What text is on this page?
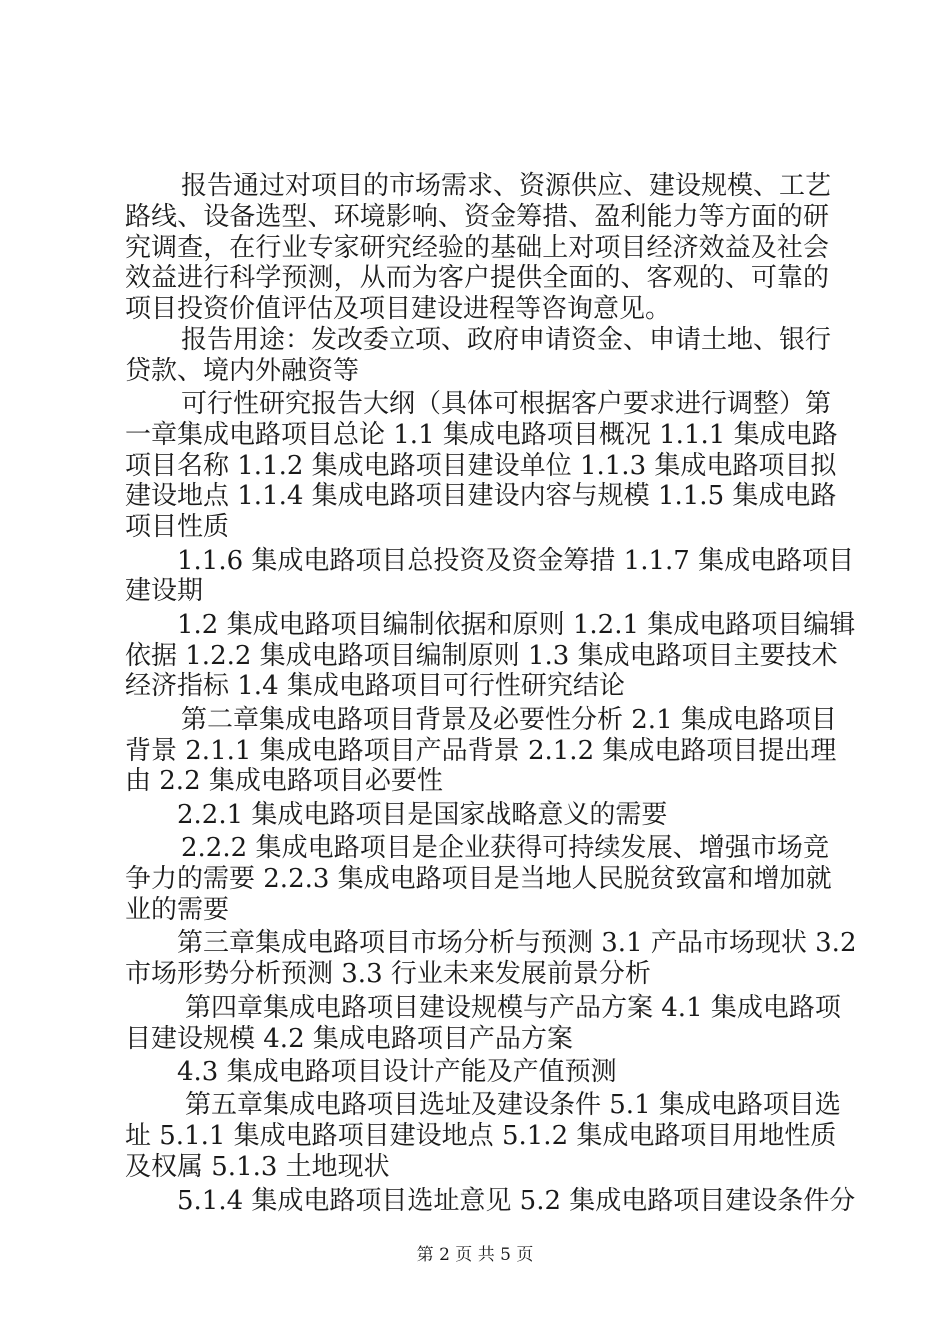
报告通过对项目的市场需求、资源供应、建设规模、工艺
路线、设备选型、环境影响、资金筹措、盈利能力等方面的研
究调查，在行业专家研究经验的基础上对项目经济效益及社会
效益进行科学预测，从而为客户提供全面的、客观的、可靠的
项目投资价值评估及项目建设进程等咨询意见。
报告用途：发改委立项、政府申请资金、申请土地、银行
贷款、境内外融资等
可行性研究报告大纲（具体可根据客户要求进行调整）第
一章集成电路项目总论 1.1 集成电路项目概况 1.1.1 集成电路
项目名称 1.1.2 集成电路项目建设单位 1.1.3 集成电路项目拟
建设地点 1.1.4 集成电路项目建设内容与规模 1.1.5 集成电路
项目性质
1.1.6 集成电路项目总投资及资金筹措 1.1.7 集成电路项目
建设期
1.2 集成电路项目编制依据和原则 1.2.1 集成电路项目编辑
依据 1.2.2 集成电路项目编制原则 1.3 集成电路项目主要技术
经济指标 1.4 集成电路项目可行性研究结论
第二章集成电路项目背景及必要性分析 2.1 集成电路项目
背景 2.1.1 集成电路项目产品背景 2.1.2 集成电路项目提出理
由 2.2 集成电路项目必要性
2.2.1 集成电路项目是国家战略意义的需要
2.2.2 集成电路项目是企业获得可持续发展、增强市场竞
争力的需要 2.2.3 集成电路项目是当地人民脱贫致富和增加就
业的需要
第三章集成电路项目市场分析与预测 3.1 产品市场现状 3.2
市场形势分析预测 3.3 行业未来发展前景分析
第四章集成电路项目建设规模与产品方案 4.1 集成电路项
目建设规模 4.2 集成电路项目产品方案
4.3 集成电路项目设计产能及产值预测
第五章集成电路项目选址及建设条件 5.1 集成电路项目选
址 5.1.1 集成电路项目建设地点 5.1.2 集成电路项目用地性质
及权属 5.1.3 土地现状
5.1.4 集成电路项目选址意见 5.2 集成电路项目建设条件分
第 2 页 共 5 页
